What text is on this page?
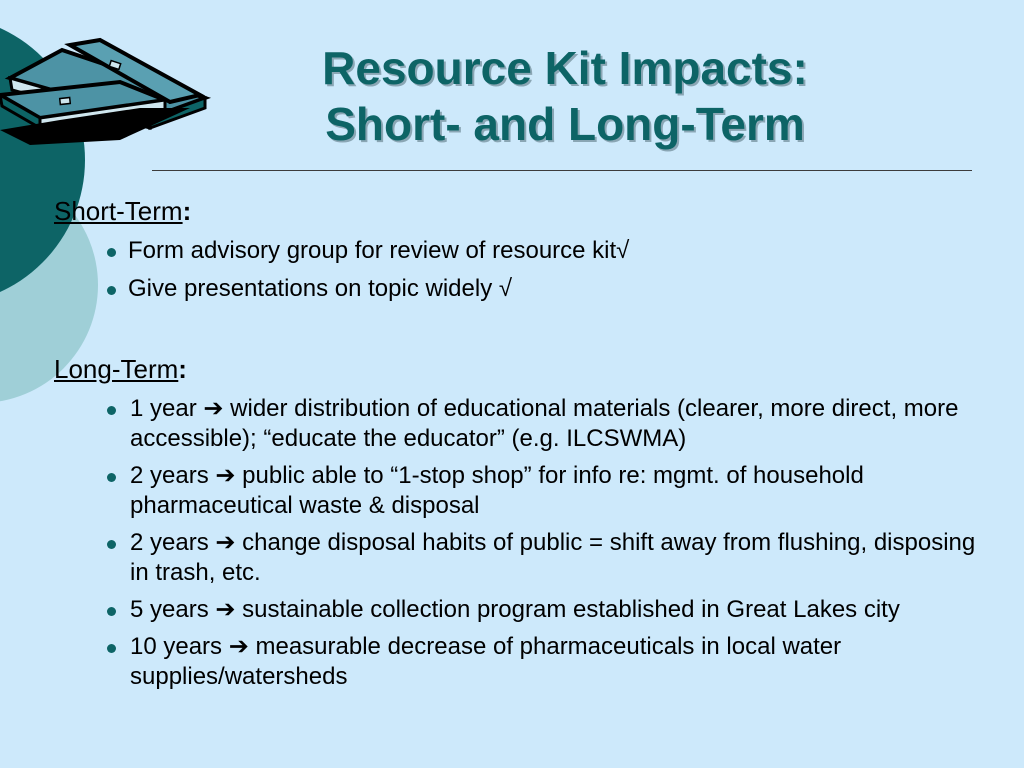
Resource Kit Impacts:
Short- and Long-Term
Short-Term:
Form advisory group for review of resource kit√
Give presentations on topic widely √
Long-Term:
1 year ➔ wider distribution of educational materials (clearer, more direct, more accessible); “educate the educator” (e.g. ILCSWMA)
2 years ➔ public able to “1-stop shop” for info re: mgmt. of household pharmaceutical waste & disposal
2 years ➔ change disposal habits of public = shift away from flushing, disposing in trash, etc.
5 years ➔ sustainable collection program established in Great Lakes city
10 years ➔ measurable decrease of pharmaceuticals in local water supplies/watersheds
